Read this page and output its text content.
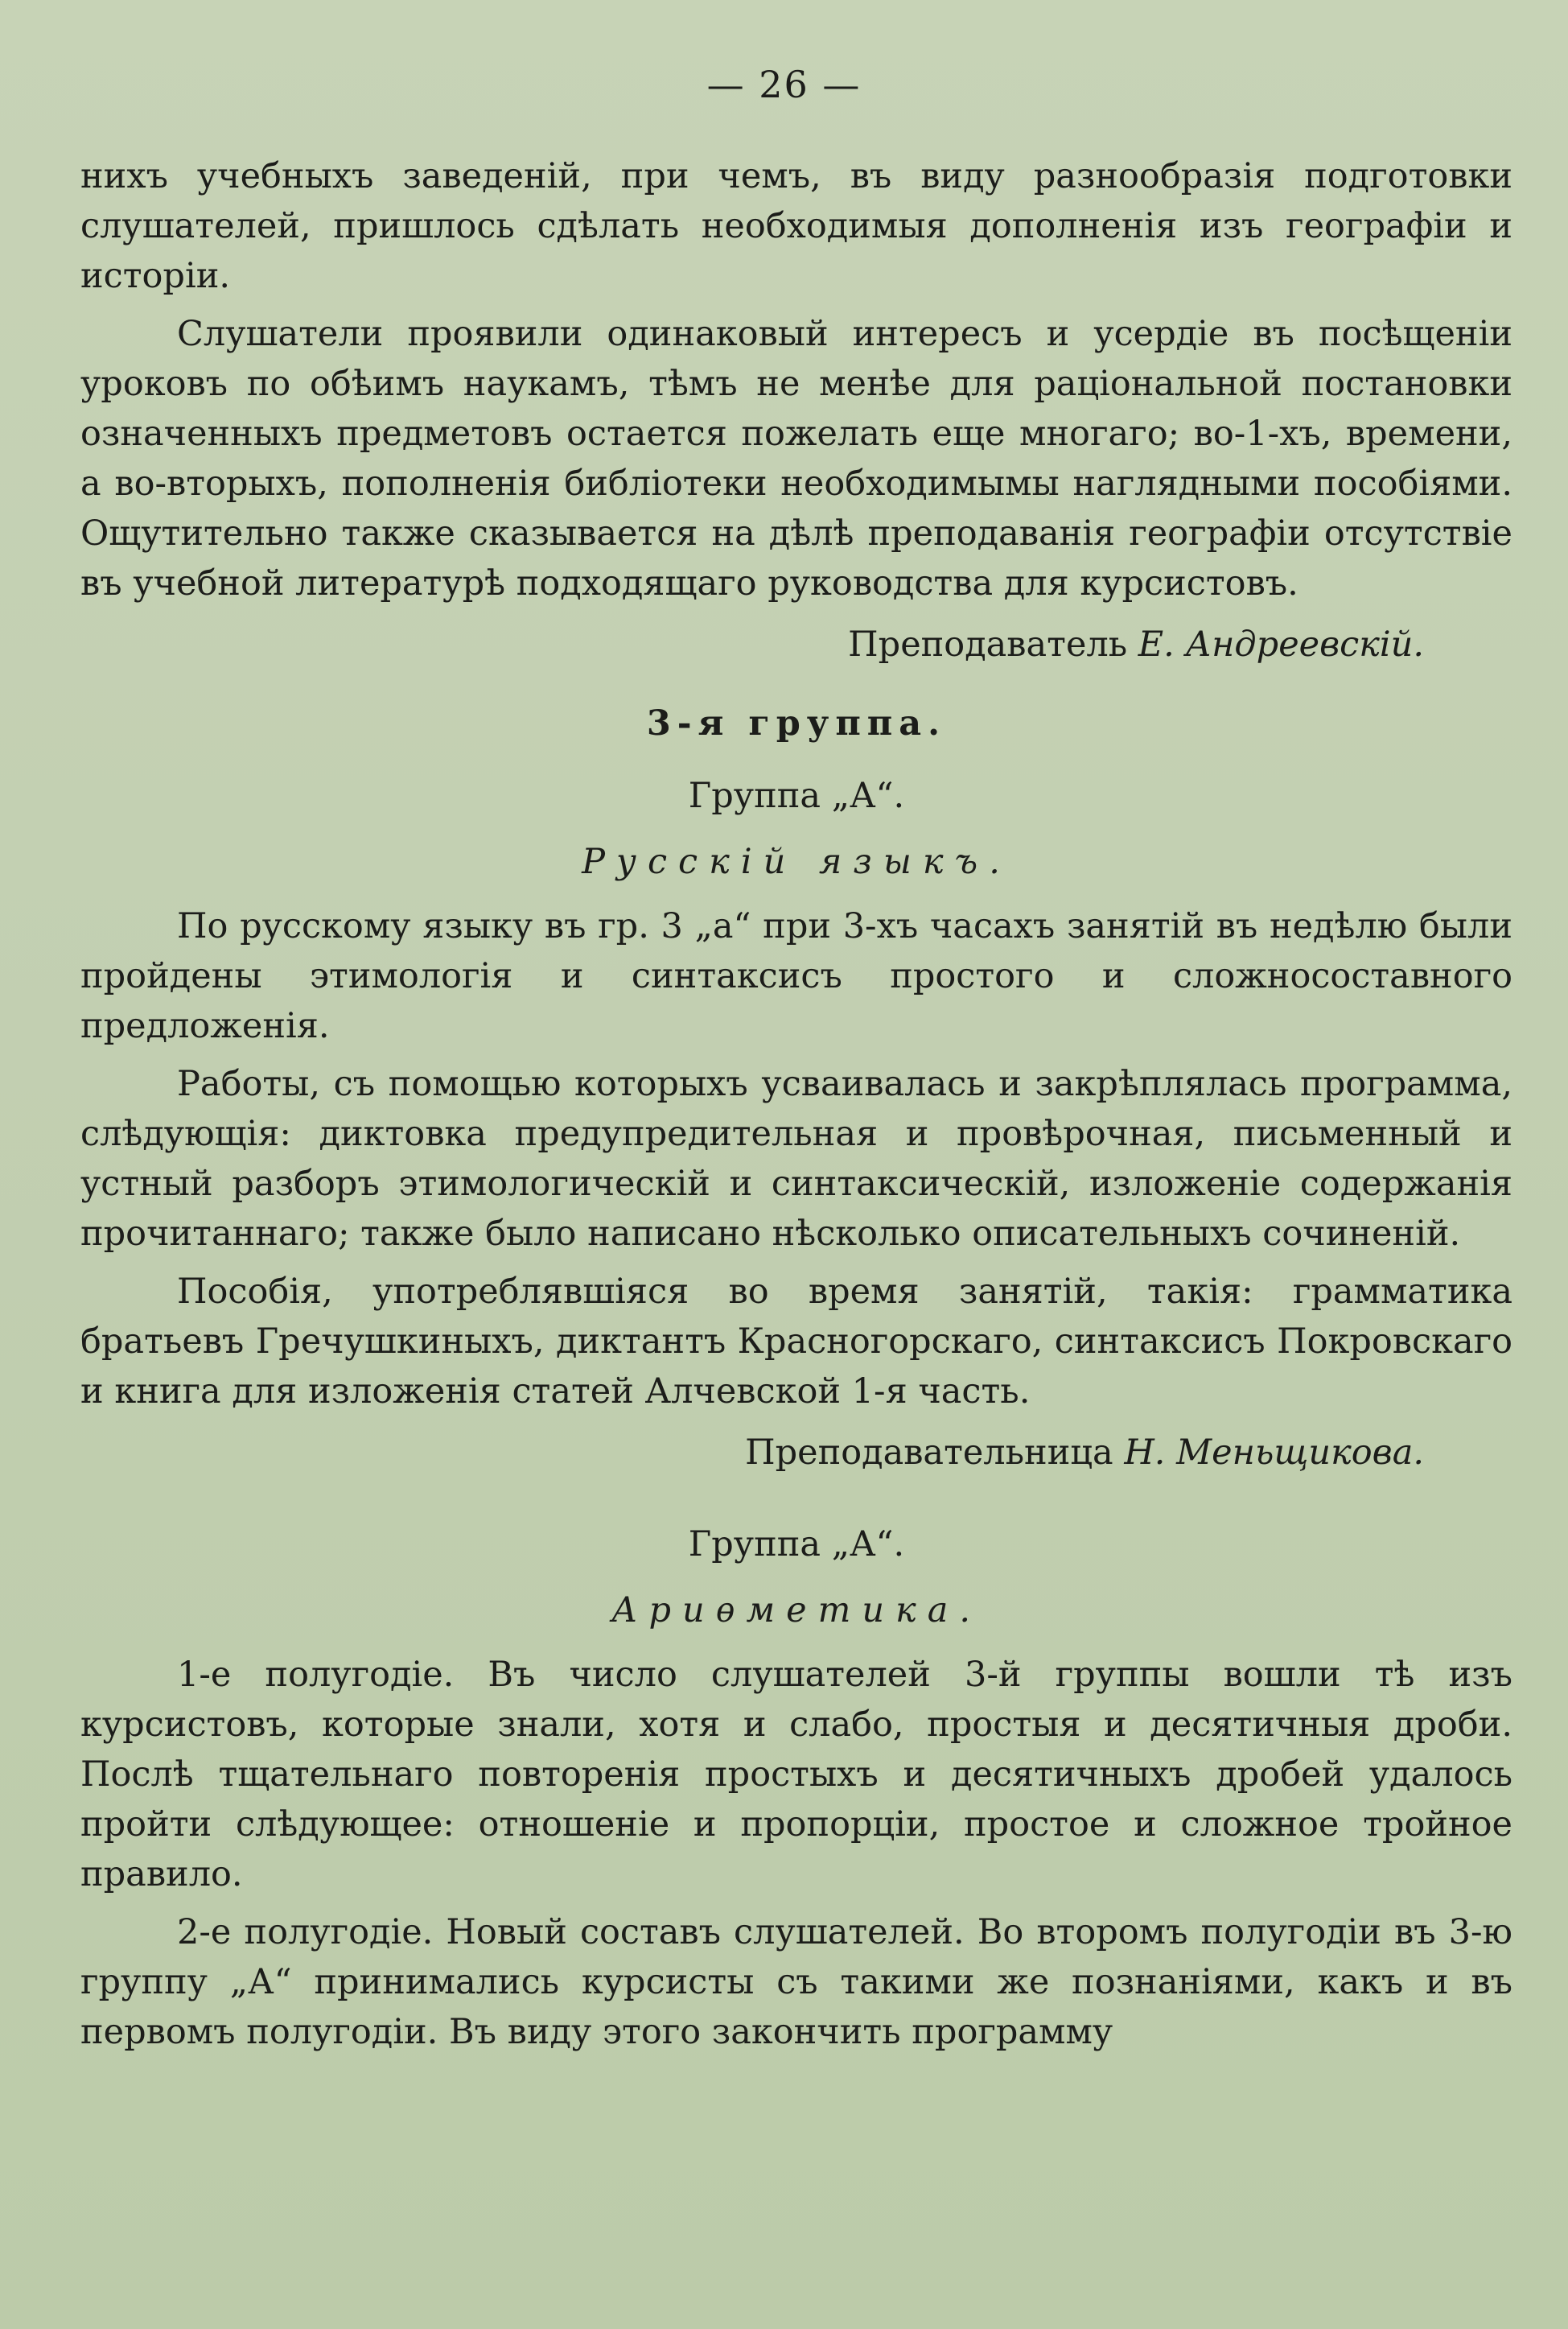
— 26 —

нихъ учебныхъ заведеній, при чемъ, въ виду разнообразія подготовки слушателей, пришлось сдѣлать необходимыя дополненія изъ географіи и исторіи.

Слушатели проявили одинаковый интересъ и усердіе въ посѣщеніи уроковъ по обѣимъ наукамъ, тѣмъ не менѣе для раціональной постановки означенныхъ предметовъ остается пожелать еще многаго; во-1-хъ, времени, а во-вторыхъ, пополненія библіотеки необходимымы наглядными пособіями. Ощутительно также сказывается на дѣлѣ преподаванія географіи отсутствіе въ учебной литературѣ подходящаго руководства для курсистовъ.

Преподаватель Е. Андреевскій.

3-я группа.

Группа „А“.

Русскій языкъ.

По русскому языку въ гр. 3 „а“ при 3-хъ часахъ занятій въ недѣлю были пройдены этимологія и синтаксисъ простого и сложносоставного предложенія.

Работы, съ помощью которыхъ усваивалась и закрѣплялась программа, слѣдующія: диктовка предупредительная и провѣрочная, письменный и устный разборъ этимологическій и синтаксическій, изложеніе содержанія прочитаннаго; также было написано нѣсколько описательныхъ сочиненій.

Пособія, употреблявшіяся во время занятій, такія: грамматика братьевъ Гречушкиныхъ, диктантъ Красногорскаго, синтаксисъ Покровскаго и книга для изложенія статей Алчевской 1-я часть.

Преподавательница Н. Меньщикова.

Группа „А“.

Ариѳметика.

1-е полугодіе. Въ число слушателей 3-й группы вошли тѣ изъ курсистовъ, которые знали, хотя и слабо, простыя и десятичныя дроби. Послѣ тщательнаго повторенія простыхъ и десятичныхъ дробей удалось пройти слѣдующее: отношеніе и пропорціи, простое и сложное тройное правило.

2-е полугодіе. Новый составъ слушателей. Во второмъ полугодіи въ 3-ю группу „А“ принимались курсисты съ такими же познаніями, какъ и въ первомъ полугодіи. Въ виду этого закончить программу
